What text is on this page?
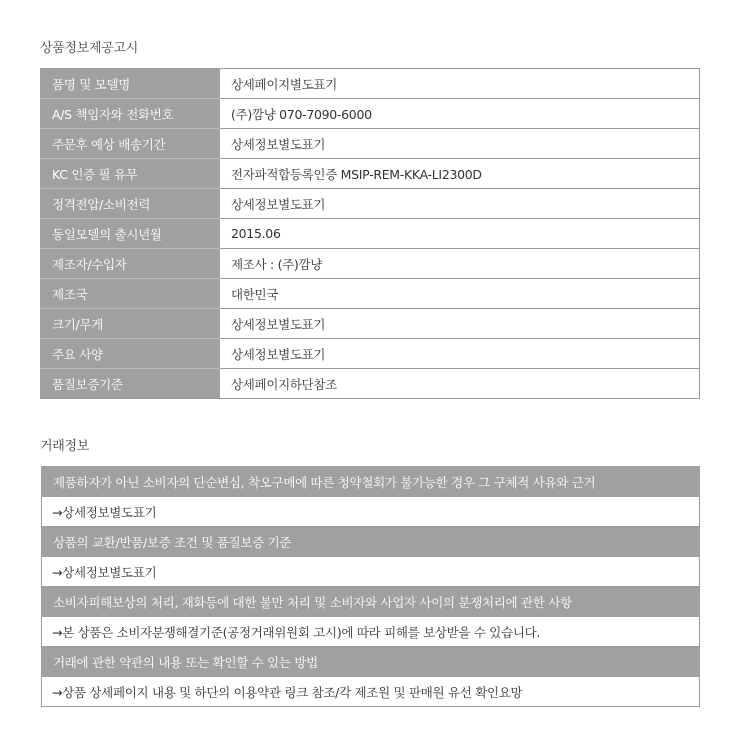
상품정보제공고시
품명 및 모델명	상세페이지별도표기
A/S 책임자와 전화번호	(주)깜냥 070-7090-6000
주문후 예상 배송기간	상세정보별도표기
KC 인증 필 유무	전자파적합등록인증 MSIP-REM-KKA-LI2300D
정격전압/소비전력	상세정보별도표기
동일모델의 출시년월	2015.06
제조자/수입자	제조사 : (주)깜냥
제조국	대한민국
크기/무게	상세정보별도표기
주요 사양	상세정보별도표기
품질보증기준	상세페이지하단참조
거래정보
제품하자가 아닌 소비자의 단순변심, 착오구매에 따른 청약철회가 불가능한 경우 그 구체적 사유와 근거
→상세정보별도표기
상품의 교환/반품/보증 조건 및 품질보증 기준
→상세정보별도표기
소비자피해보상의 처리, 재화등에 대한 불만 처리 및 소비자와 사업자 사이의 분쟁처리에 관한 사항
→본 상품은 소비자분쟁해결기준(공정거래위원회 고시)에 따라 피해를 보상받을 수 있습니다.
거래에 관한 약관의 내용 또는 확인할 수 있는 방법
→상품 상세페이지 내용 및 하단의 이용약관 링크 참조/각 제조원 및 판매원 유선 확인요망
